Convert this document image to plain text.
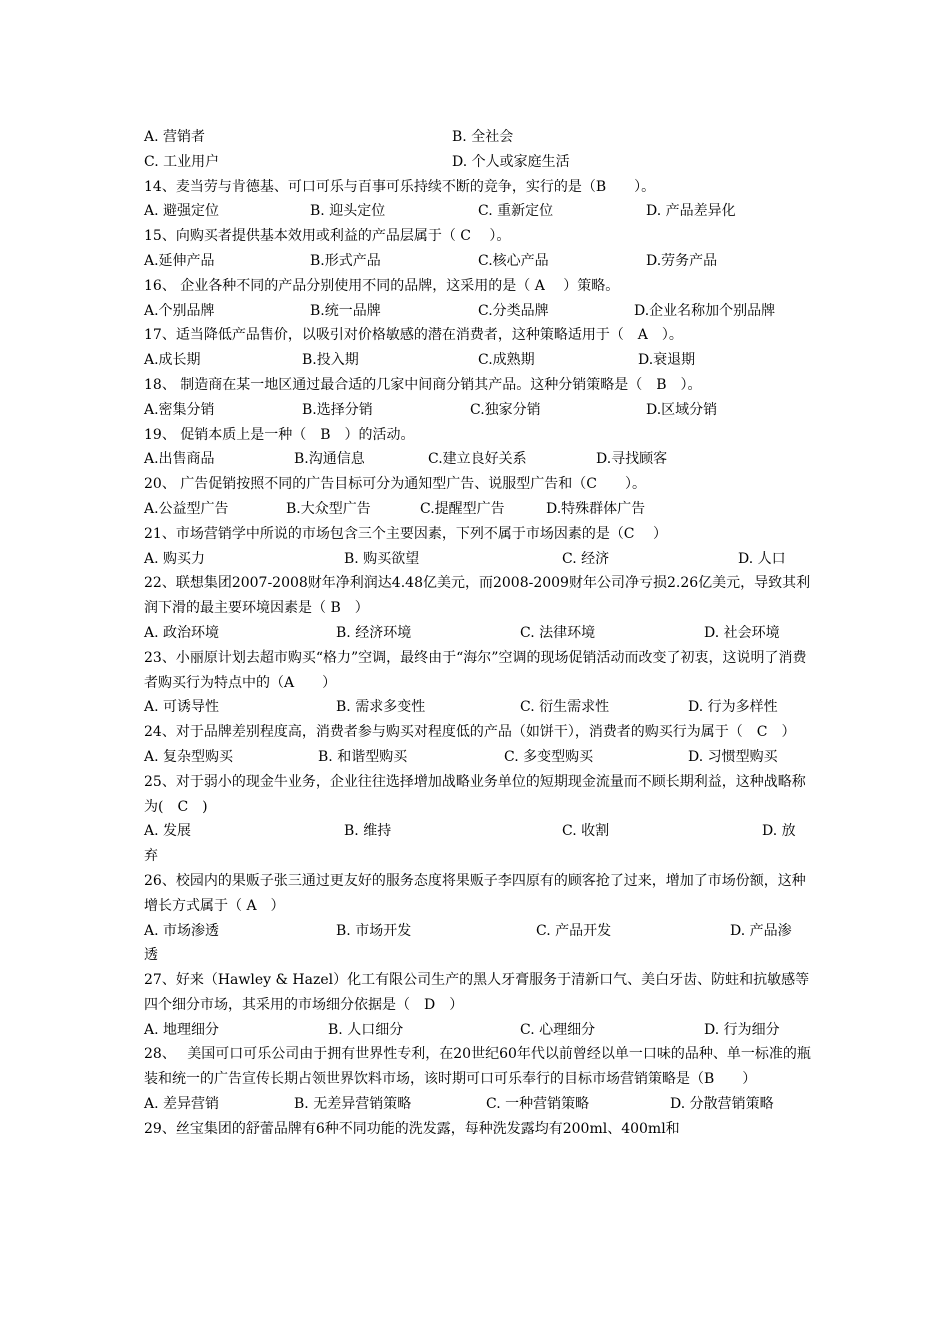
A. 营销者	B. 全社会
C. 工业用户	D. 个人或家庭生活
14、麦当劳与肯德基、可口可乐与百事可乐持续不断的竞争，实行的是（B　　）。
A. 避强定位	B. 迎头定位	C. 重新定位	D. 产品差异化
15、向购买者提供基本效用或利益的产品层属于（ C　 ）。
A.延伸产品	B.形式产品	C.核心产品	D.劳务产品
16、 企业各种不同的产品分别使用不同的品牌，这采用的是（ A　 ）策略。
A.个别品牌	B.统一品牌	C.分类品牌	D.企业名称加个别品牌
17、适当降低产品售价，以吸引对价格敏感的潜在消费者，这种策略适用于（　A　）。
A.成长期	B.投入期	C.成熟期	D.衰退期
18、 制造商在某一地区通过最合适的几家中间商分销其产品。这种分销策略是（　B　）。
A.密集分销	B.选择分销	C.独家分销	D.区域分销
19、 促销本质上是一种（　B　）的活动。
A.出售商品	B.沟通信息	C.建立良好关系	D.寻找顾客
20、 广告促销按照不同的广告目标可分为通知型广告、说服型广告和（C　　）。
A.公益型广告	B.大众型广告	C.提醒型广告	D.特殊群体广告
21、市场营销学中所说的市场包含三个主要因素，下列不属于市场因素的是（C　 ）
A. 购买力	B. 购买欲望	C. 经济	D. 人口
22、联想集团2007-2008财年净利润达4.48亿美元，而2008-2009财年公司净亏损2.26亿美元，导致其利润下滑的最主要环境因素是（ B　）
A. 政治环境	B. 经济环境	C. 法律环境	D. 社会环境
23、小丽原计划去超市购买“格力”空调，最终由于“海尔”空调的现场促销活动而改变了初衷，这说明了消费者购买行为特点中的（A　　）
A. 可诱导性	B. 需求多变性	C. 衍生需求性	D. 行为多样性
24、对于品牌差别程度高，消费者参与购买对程度低的产品（如饼干），消费者的购买行为属于（　C　）
A. 复杂型购买	B. 和谐型购买	C. 多变型购买	D. 习惯型购买
25、对于弱小的现金牛业务，企业往往选择增加战略业务单位的短期现金流量而不顾长期利益，这种战略称为(　C　)
A. 发展	B. 维持	C. 收割	D. 放
弃
26、校园内的果贩子张三通过更友好的服务态度将果贩子李四原有的顾客抢了过来，增加了市场份额，这种增长方式属于（ A　）
A. 市场渗透	B. 市场开发	C. 产品开发	D. 产品渗
透
27、好来（Hawley & Hazel）化工有限公司生产的黑人牙膏服务于清新口气、美白牙齿、防蛀和抗敏感等四个细分市场，其采用的市场细分依据是（　D　）
A. 地理细分	B. 人口细分	C. 心理细分	D. 行为细分
28、　 美国可口可乐公司由于拥有世界性专利，在20世纪60年代以前曾经以单一口味的品种、单一标准的瓶装和统一的广告宣传长期占领世界饮料市场，该时期可口可乐奉行的目标市场营销策略是（B　　）
A. 差异营销	B. 无差异营销策略	C. 一种营销策略	D. 分散营销策略
29、丝宝集团的舒蕾品牌有6种不同功能的洗发露，每种洗发露均有200ml、400ml和
